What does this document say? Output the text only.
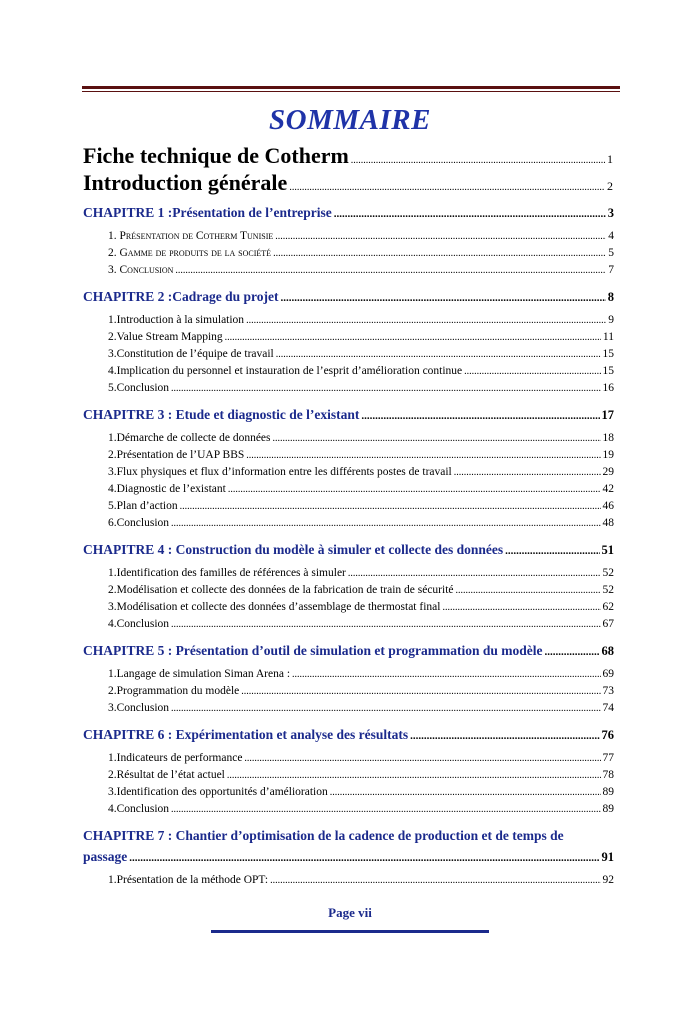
SOMMAIRE
Fiche technique de Cotherm .....	1
Introduction générale .....	2
CHAPITRE 1 :Présentation de l’entreprise .....	3
1. Présentation de Cotherm Tunisie .....	4
2. Gamme de produits de la société .....	5
3. Conclusion .....	7
CHAPITRE 2 :Cadrage du projet .....	8
1.Introduction à la simulation .....	9
2.Value Stream Mapping .....	11
3.Constitution de l’équipe de travail .....	15
4.Implication du personnel et instauration de l’esprit d’amélioration continue .....	15
5.Conclusion .....	16
CHAPITRE 3 : Etude et diagnostic de l’existant .....	17
1.Démarche de collecte de données .....	18
2.Présentation de l’UAP BBS .....	19
3.Flux physiques et flux d’information entre les différents postes de travail .....	29
4.Diagnostic de l’existant .....	42
5.Plan d’action .....	46
6.Conclusion .....	48
CHAPITRE 4 : Construction du modèle à simuler et collecte des données .....	51
1.Identification des familles de références à simuler .....	52
2.Modélisation et collecte des données de la fabrication de train de sécurité .....	52
3.Modélisation et collecte des données d’assemblage de thermostat final .....	62
4.Conclusion .....	67
CHAPITRE 5 : Présentation d’outil de simulation et programmation du modèle .....	68
1.Langage de simulation Siman Arena : .....	69
2.Programmation du modèle .....	73
3.Conclusion .....	74
CHAPITRE 6 : Expérimentation et analyse des résultats .....	76
1.Indicateurs de performance .....	77
2.Résultat de l’état actuel .....	78
3.Identification des opportunités d’amélioration .....	89
4.Conclusion .....	89
CHAPITRE 7 : Chantier d’optimisation de la cadence de production et de temps de
passage .....	91
1.Présentation de la méthode OPT: .....	92
Page vii
